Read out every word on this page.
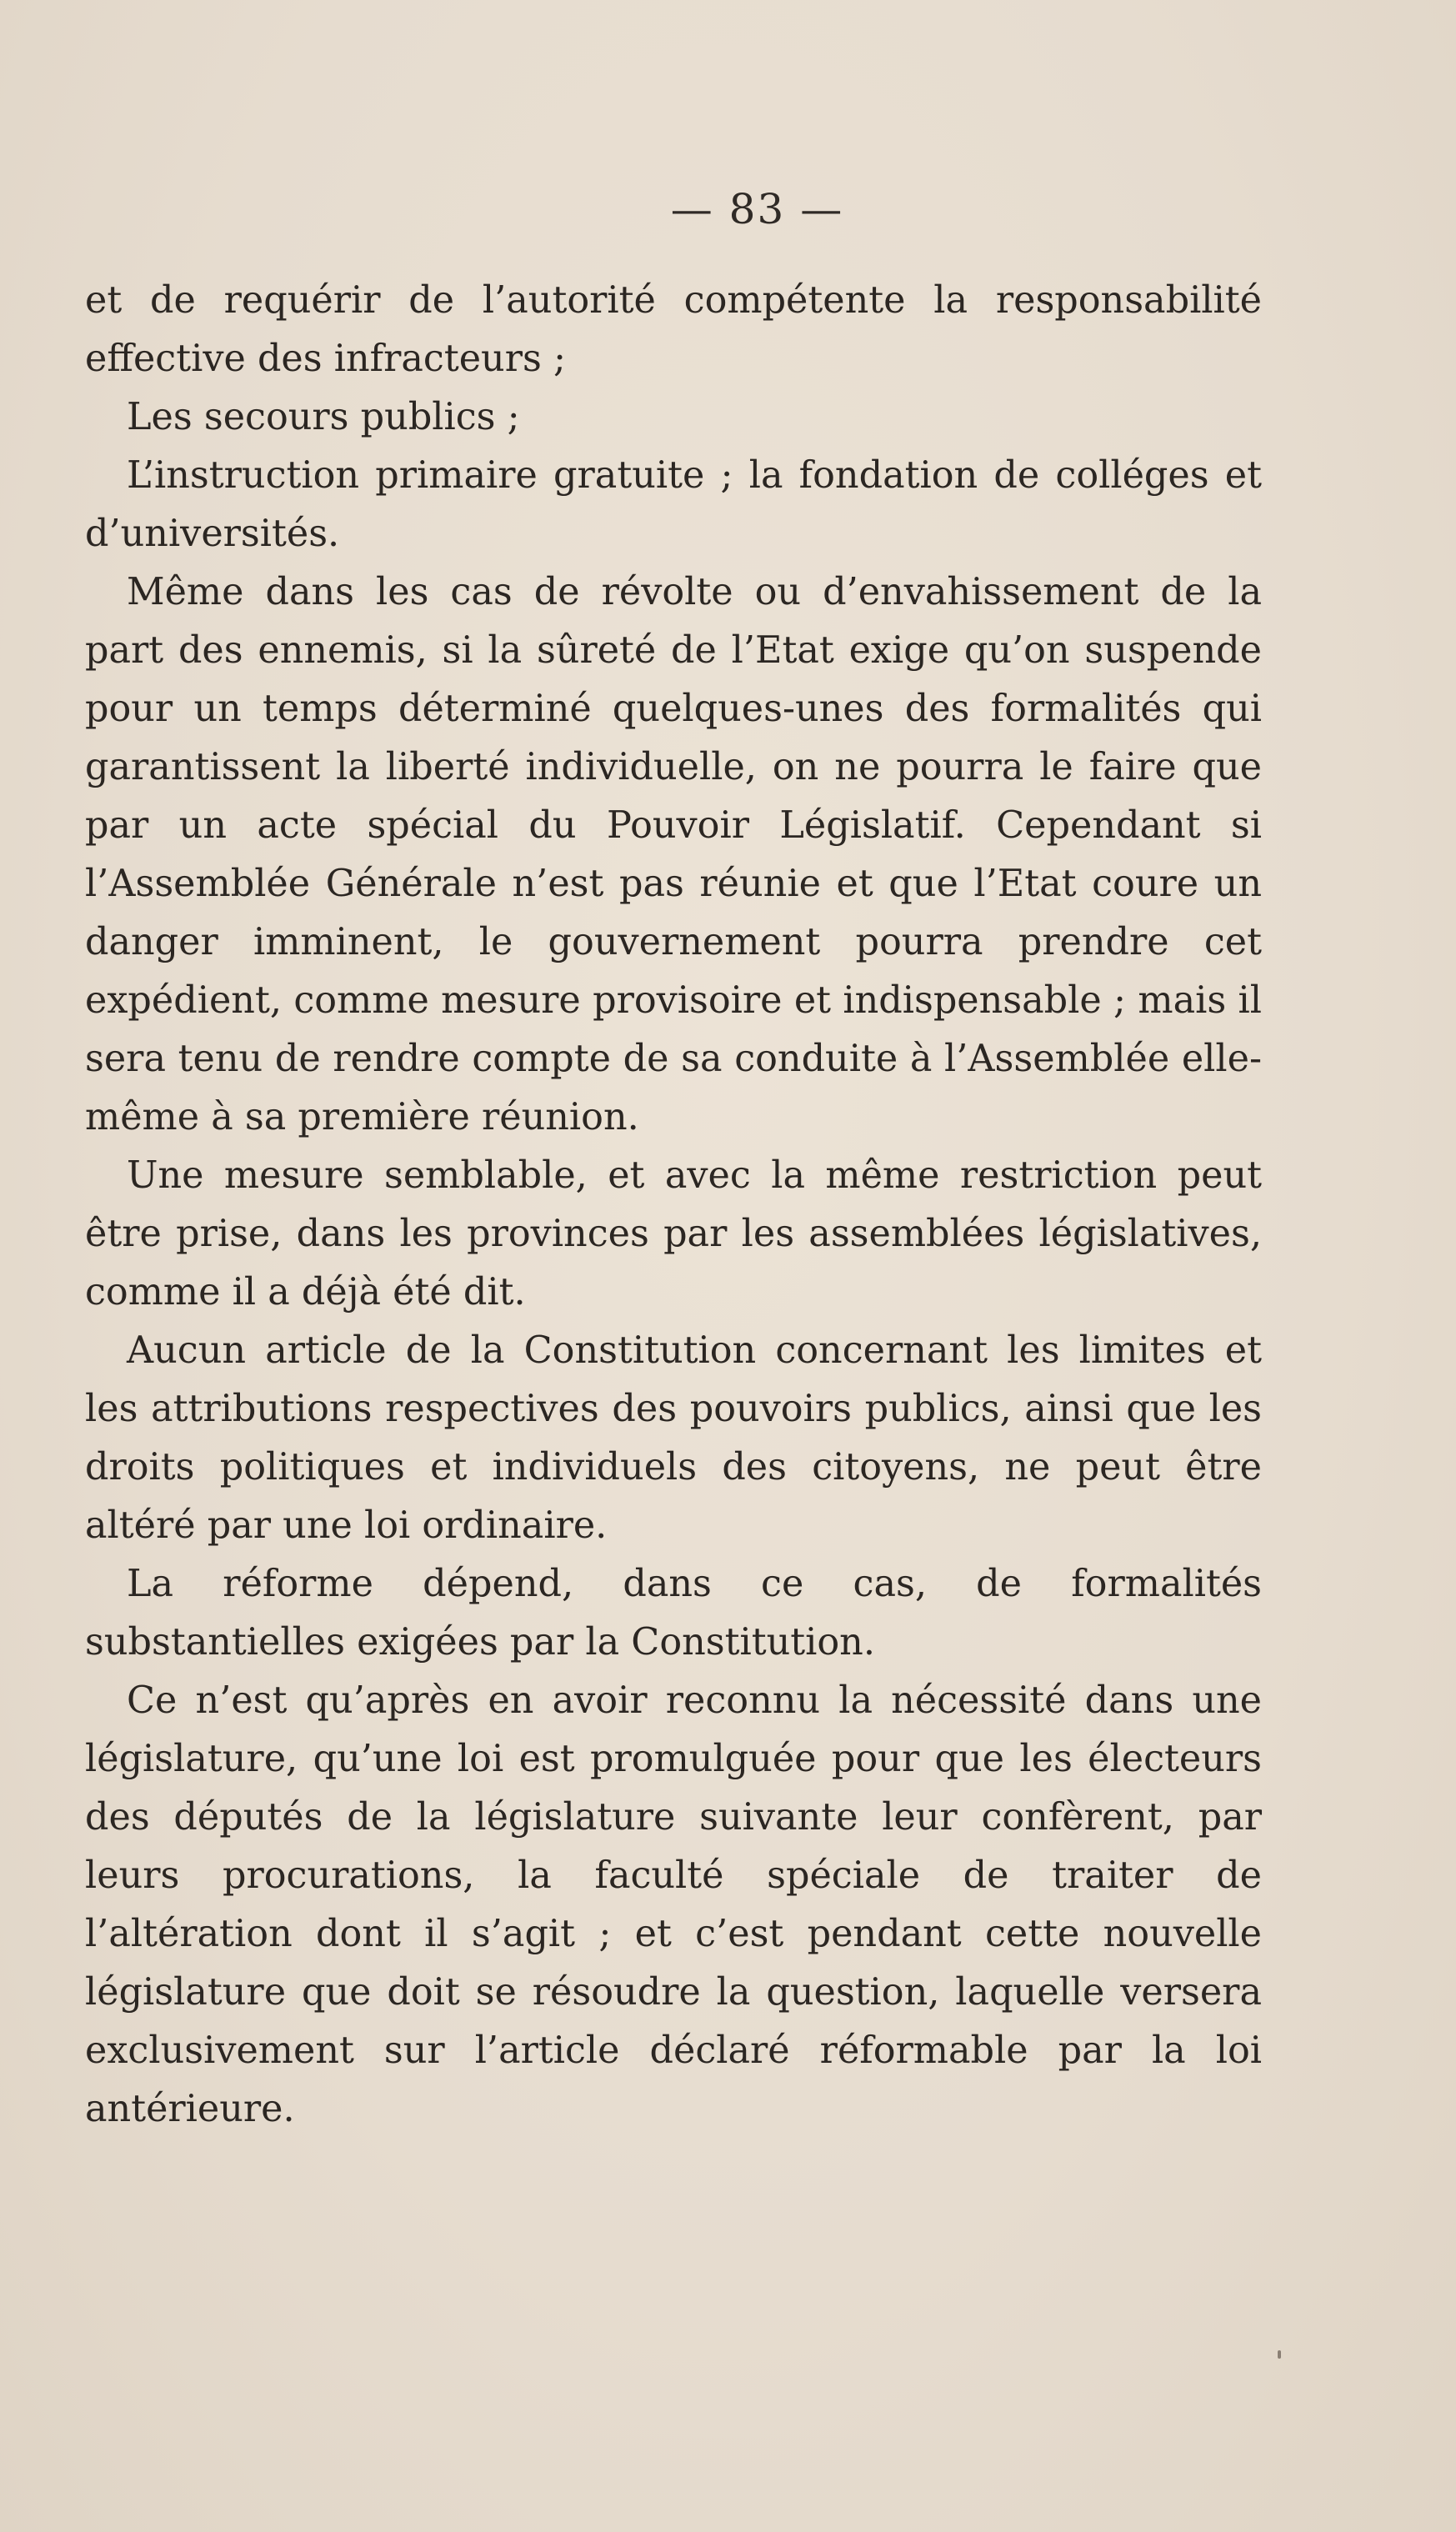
— 83 —

et de requérir de l’autorité compétente la responsabilité effective des infracteurs ;

Les secours publics ;

L’instruction primaire gratuite ; la fondation de colléges et d’universités.

Même dans les cas de révolte ou d’envahissement de la part des ennemis, si la sûreté de l’Etat exige qu’on suspende pour un temps déterminé quelques-unes des formalités qui garantissent la liberté individuelle, on ne pourra le faire que par un acte spécial du Pouvoir Législatif. Cependant si l’Assemblée Générale n’est pas réunie et que l’Etat coure un danger imminent, le gouvernement pourra prendre cet expédient, comme mesure provisoire et indispensable ; mais il sera tenu de rendre compte de sa conduite à l’Assemblée elle-même à sa première réunion.

Une mesure semblable, et avec la même restriction peut être prise, dans les provinces par les assemblées législatives, comme il a déjà été dit.

Aucun article de la Constitution concernant les limites et les attributions respectives des pouvoirs publics, ainsi que les droits politiques et individuels des citoyens, ne peut être altéré par une loi ordinaire.

La réforme dépend, dans ce cas, de formalités substantielles exigées par la Constitution.

Ce n’est qu’après en avoir reconnu la nécessité dans une législature, qu’une loi est promulguée pour que les électeurs des députés de la législature suivante leur confèrent, par leurs procurations, la faculté spéciale de traiter de l’altération dont il s’agit ; et c’est pendant cette nouvelle législature que doit se résoudre la question, laquelle versera exclusivement sur l’article déclaré réformable par la loi antérieure.
